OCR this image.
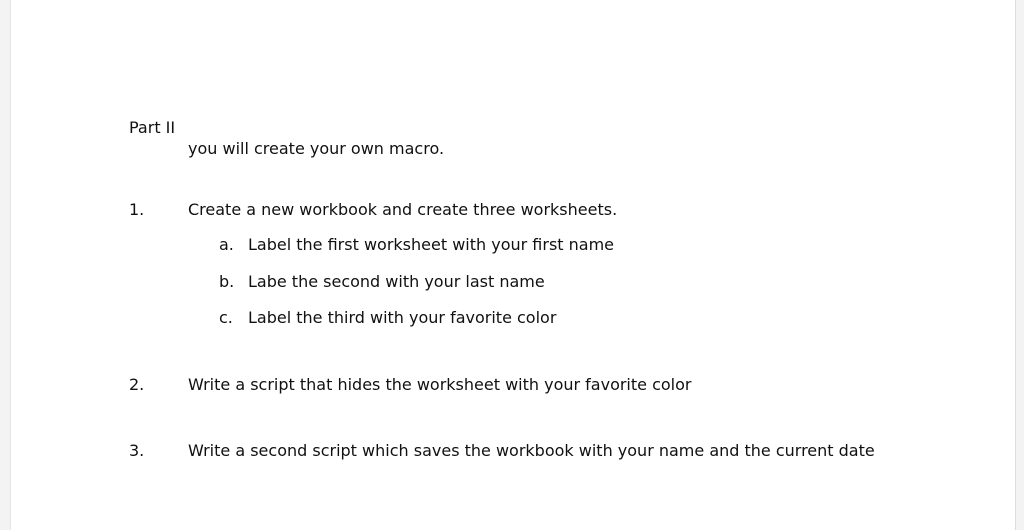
Part II
you will create your own macro.
1.	Create a new workbook and create three worksheets.
a. Label the first worksheet with your first name
b. Labe the second with your last name
c. Label the third with your favorite color
2.	Write a script that hides the worksheet with your favorite color
3.	Write a second script which saves the workbook with your name and the current date
